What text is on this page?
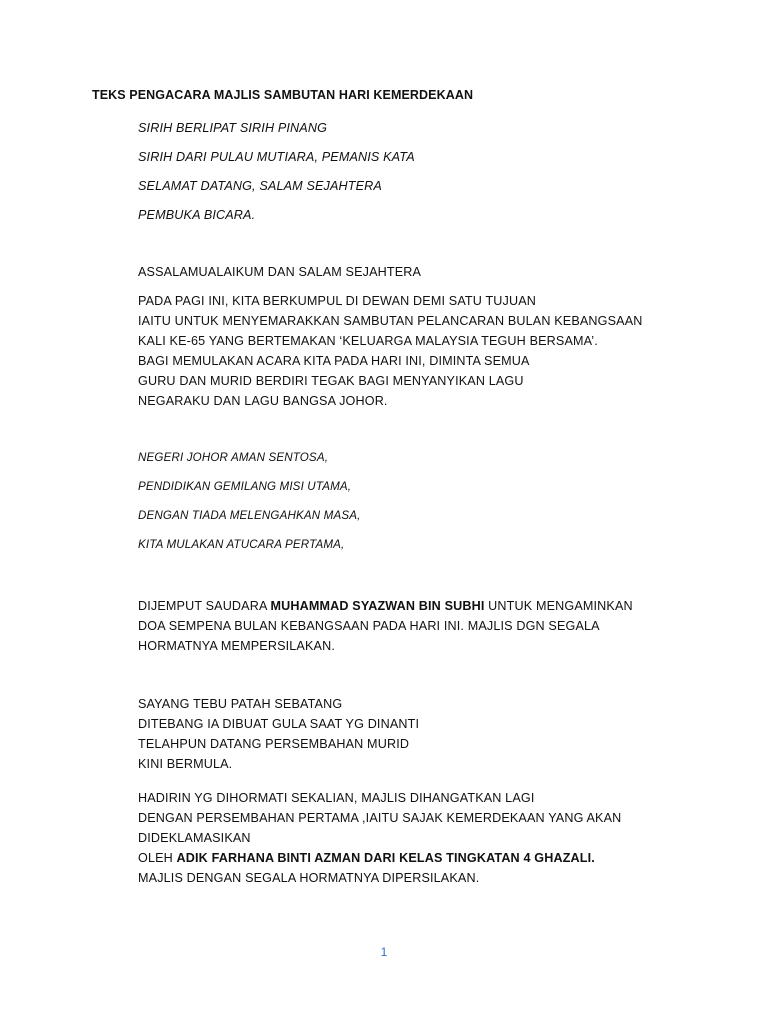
TEKS PENGACARA MAJLIS SAMBUTAN HARI KEMERDEKAAN
SIRIH BERLIPAT SIRIH PINANG
SIRIH DARI PULAU MUTIARA, PEMANIS KATA
SELAMAT DATANG, SALAM SEJAHTERA
PEMBUKA BICARA.
ASSALAMUALAIKUM DAN SALAM SEJAHTERA
PADA PAGI INI, KITA BERKUMPUL DI DEWAN DEMI SATU TUJUAN
IAITU UNTUK MENYEMARAKKAN SAMBUTAN PELANCARAN BULAN KEBANGSAAN
KALI KE-65 YANG BERTEMAKAN ‘KELUARGA MALAYSIA TEGUH BERSAMA’.
BAGI MEMULAKAN ACARA KITA PADA HARI INI, DIMINTA SEMUA
GURU DAN MURID BERDIRI TEGAK BAGI MENYANYIKAN LAGU
NEGARAKU DAN LAGU BANGSA JOHOR.
NEGERI JOHOR AMAN SENTOSA,
PENDIDIKAN GEMILANG MISI UTAMA,
DENGAN TIADA MELENGAHKAN MASA,
KITA MULAKAN ATUCARA PERTAMA,
DIJEMPUT SAUDARA MUHAMMAD SYAZWAN BIN SUBHI UNTUK MENGAMINKAN
DOA SEMPENA BULAN KEBANGSAAN PADA HARI INI. MAJLIS DGN SEGALA
HORMATNYA MEMPERSILAKAN.
SAYANG TEBU PATAH SEBATANG
DITEBANG IA DIBUAT GULA SAAT YG DINANTI
TELAHPUN DATANG PERSEMBAHAN MURID
KINI BERMULA.
HADIRIN YG DIHORMATI SEKALIAN, MAJLIS DIHANGATKAN LAGI
DENGAN PERSEMBAHAN PERTAMA ,IAITU SAJAK KEMERDEKAAN YANG AKAN
DIDEKLAMASIKAN
OLEH ADIK FARHANA BINTI AZMAN DARI KELAS TINGKATAN 4 GHAZALI.
MAJLIS DENGAN SEGALA HORMATNYA DIPERSILAKAN.
1
